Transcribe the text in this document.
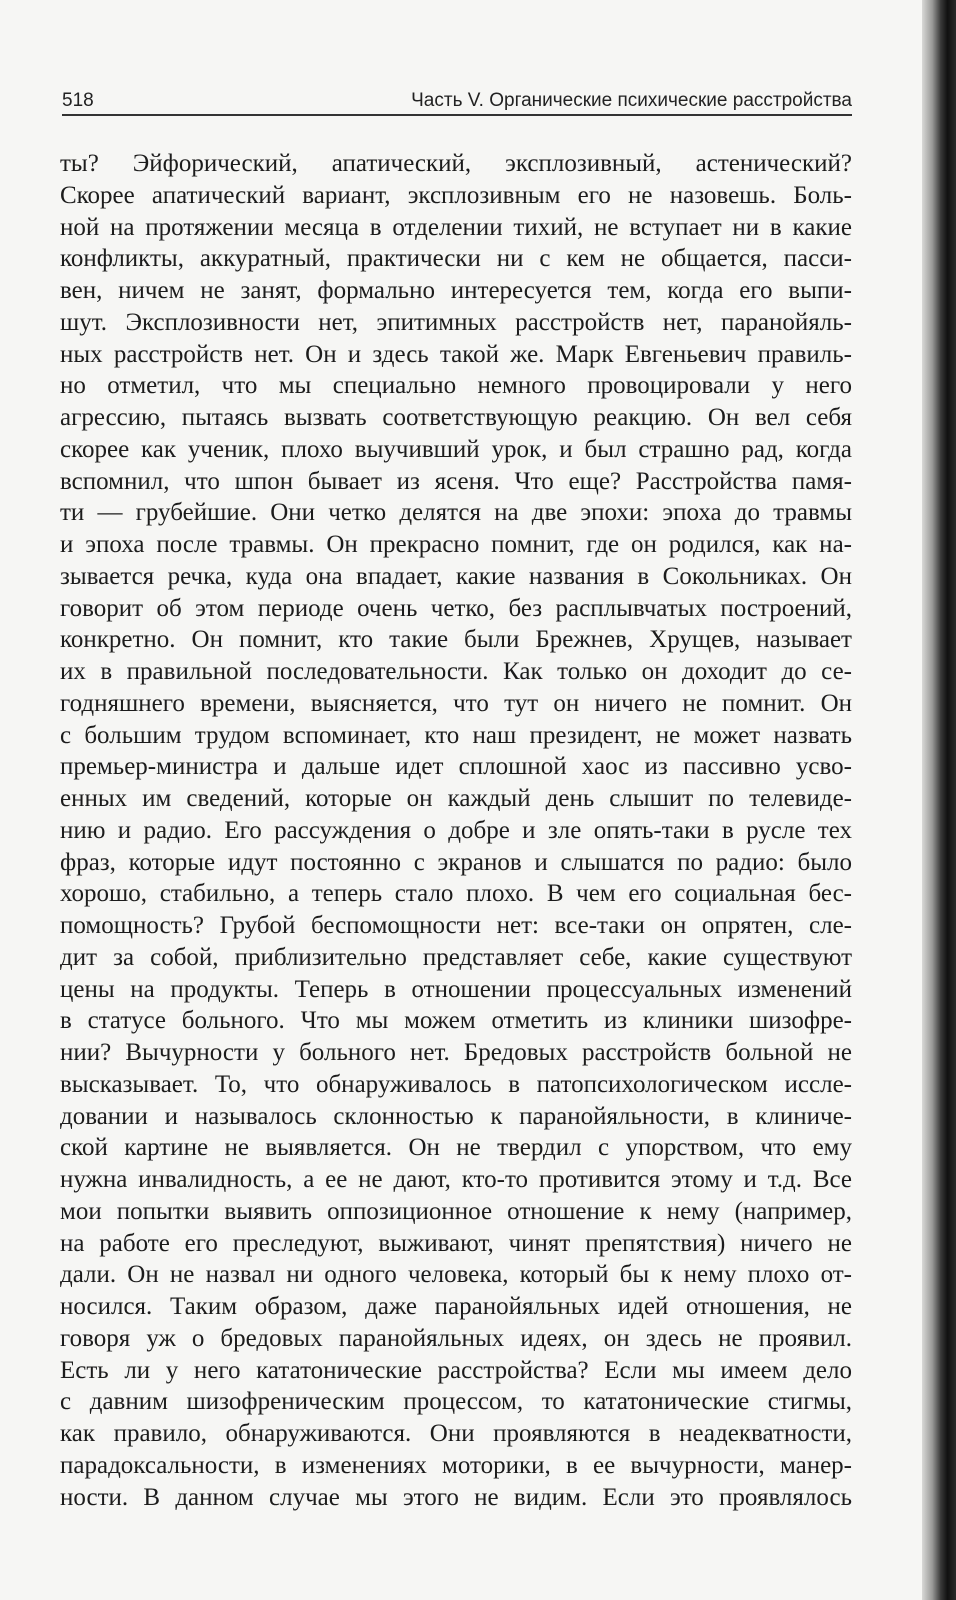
518	Часть V. Органические психические расстройства
ты? Эйфорический, апатический, эксплозивный, астенический?
Скорее апатический вариант, эксплозивным его не назовешь. Боль-
ной на протяжении месяца в отделении тихий, не вступает ни в какие
конфликты, аккуратный, практически ни с кем не общается, пасси-
вен, ничем не занят, формально интересуется тем, когда его выпи-
шут. Эксплозивности нет, эпитимных расстройств нет, паранойяль-
ных расстройств нет. Он и здесь такой же. Марк Евгеньевич правиль-
но отметил, что мы специально немного провоцировали у него
агрессию, пытаясь вызвать соответствующую реакцию. Он вел себя
скорее как ученик, плохо выучивший урок, и был страшно рад, когда
вспомнил, что шпон бывает из ясеня. Что еще? Расстройства памя-
ти — грубейшие. Они четко делятся на две эпохи: эпоха до травмы
и эпоха после травмы. Он прекрасно помнит, где он родился, как на-
зывается речка, куда она впадает, какие названия в Сокольниках. Он
говорит об этом периоде очень четко, без расплывчатых построений,
конкретно. Он помнит, кто такие были Брежнев, Хрущев, называет
их в правильной последовательности. Как только он доходит до се-
годняшнего времени, выясняется, что тут он ничего не помнит. Он
с большим трудом вспоминает, кто наш президент, не может назвать
премьер-министра и дальше идет сплошной хаос из пассивно усво-
енных им сведений, которые он каждый день слышит по телевиде-
нию и радио. Его рассуждения о добре и зле опять-таки в русле тех
фраз, которые идут постоянно с экранов и слышатся по радио: было
хорошо, стабильно, а теперь стало плохо. В чем его социальная бес-
помощность? Грубой беспомощности нет: все-таки он опрятен, сле-
дит за собой, приблизительно представляет себе, какие существуют
цены на продукты. Теперь в отношении процессуальных изменений
в статусе больного. Что мы можем отметить из клиники шизофре-
нии? Вычурности у больного нет. Бредовых расстройств больной не
высказывает. То, что обнаруживалось в патопсихологическом иссле-
довании и называлось склонностью к паранойяльности, в клиниче-
ской картине не выявляется. Он не твердил с упорством, что ему
нужна инвалидность, а ее не дают, кто-то противится этому и т.д. Все
мои попытки выявить оппозиционное отношение к нему (например,
на работе его преследуют, выживают, чинят препятствия) ничего не
дали. Он не назвал ни одного человека, который бы к нему плохо от-
носился. Таким образом, даже паранойяльных идей отношения, не
говоря уж о бредовых паранойяльных идеях, он здесь не проявил.
Есть ли у него кататонические расстройства? Если мы имеем дело
с давним шизофреническим процессом, то кататонические стигмы,
как правило, обнаруживаются. Они проявляются в неадекватности,
парадоксальности, в изменениях моторики, в ее вычурности, манер-
ности. В данном случае мы этого не видим. Если это проявлялось
